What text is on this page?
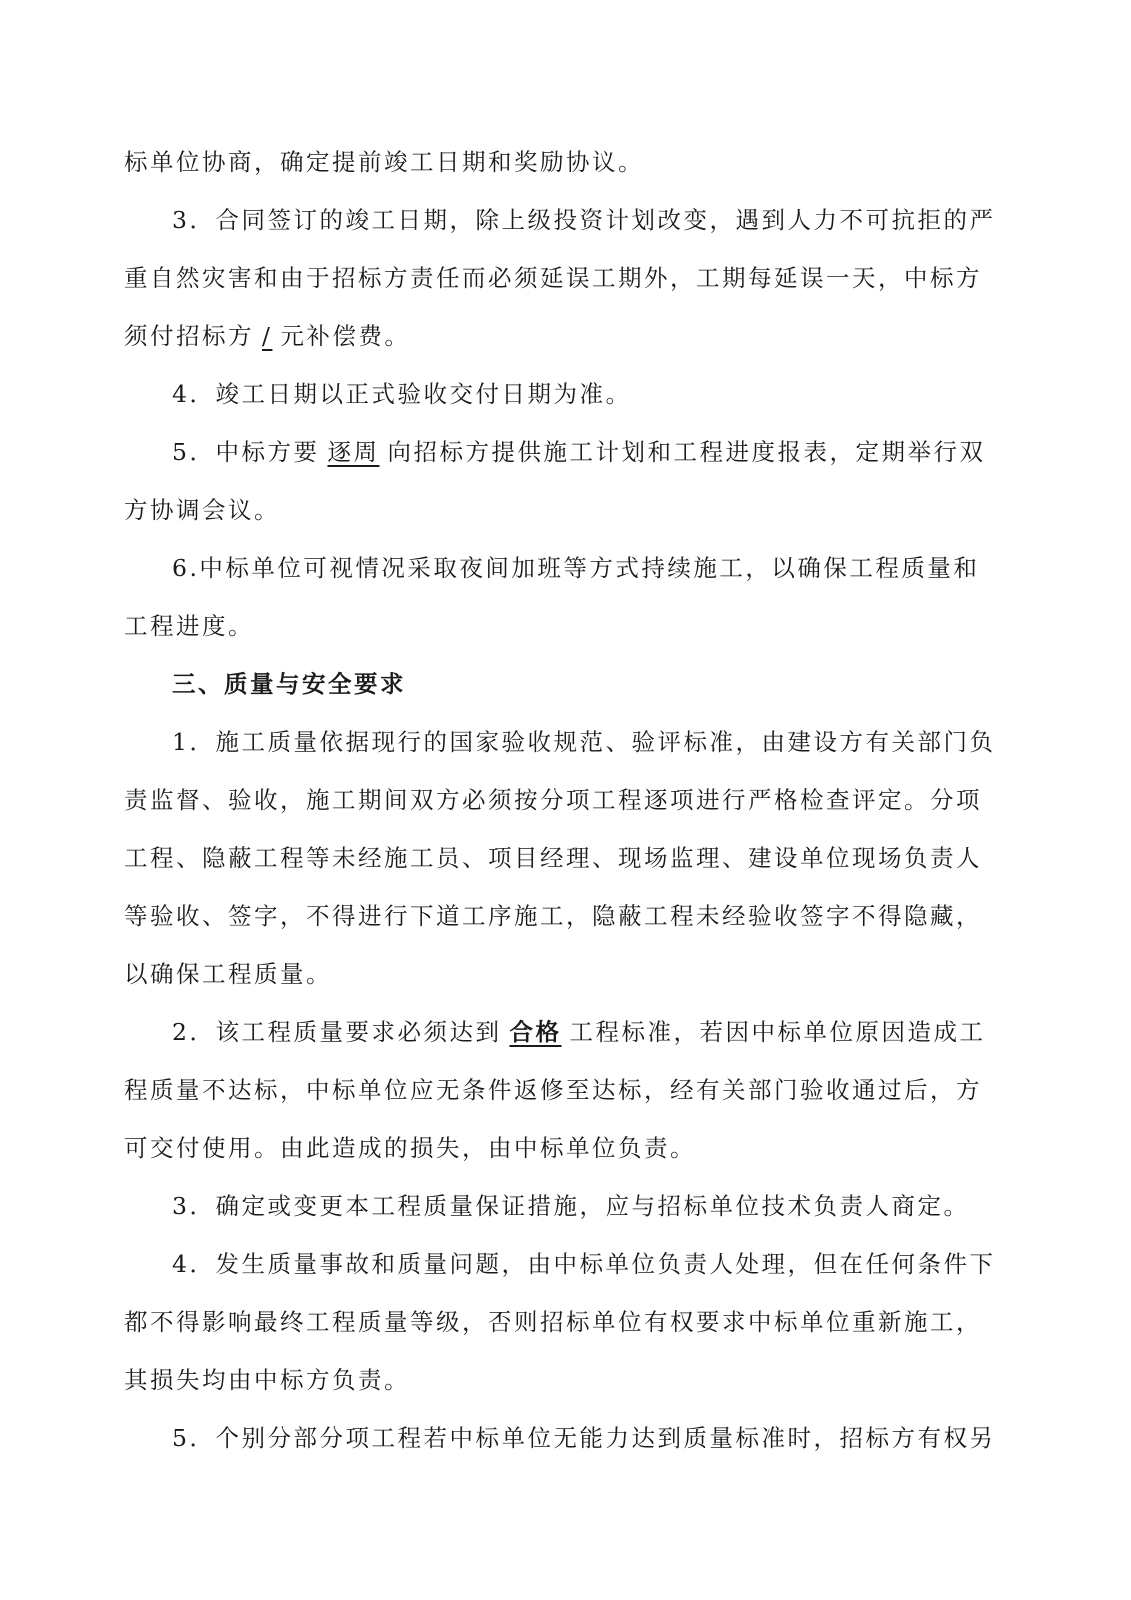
标单位协商，确定提前竣工日期和奖励协议。
3．合同签订的竣工日期，除上级投资计划改变，遇到人力不可抗拒的严
重自然灾害和由于招标方责任而必须延误工期外，工期每延误一天，中标方
须付招标方 / 元补偿费。
4．竣工日期以正式验收交付日期为准。
5．中标方要 逐周 向招标方提供施工计划和工程进度报表，定期举行双
方协调会议。
6.中标单位可视情况采取夜间加班等方式持续施工，以确保工程质量和
工程进度。
三、质量与安全要求
1．施工质量依据现行的国家验收规范、验评标准，由建设方有关部门负
责监督、验收，施工期间双方必须按分项工程逐项进行严格检查评定。分项
工程、隐蔽工程等未经施工员、项目经理、现场监理、建设单位现场负责人
等验收、签字，不得进行下道工序施工，隐蔽工程未经验收签字不得隐藏，
以确保工程质量。
2．该工程质量要求必须达到 合格 工程标准，若因中标单位原因造成工
程质量不达标，中标单位应无条件返修至达标，经有关部门验收通过后，方
可交付使用。由此造成的损失，由中标单位负责。
3．确定或变更本工程质量保证措施，应与招标单位技术负责人商定。
4．发生质量事故和质量问题，由中标单位负责人处理，但在任何条件下
都不得影响最终工程质量等级，否则招标单位有权要求中标单位重新施工，
其损失均由中标方负责。
5．个别分部分项工程若中标单位无能力达到质量标准时，招标方有权另
